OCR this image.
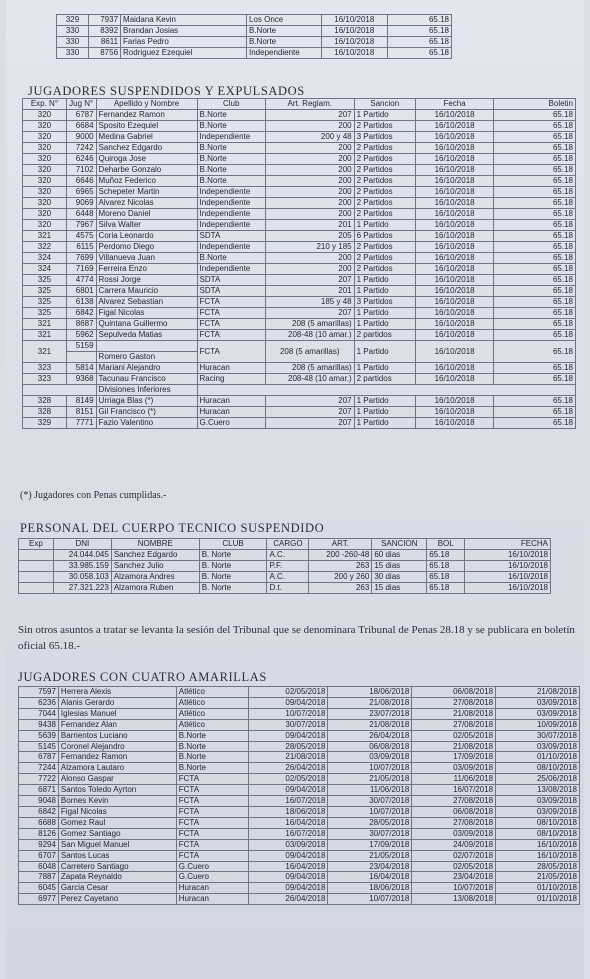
329	7937	Maidana Kevin	Los Once	16/10/2018	65.18
330	8392	Brandan Josias	B.Norte	16/10/2018	65.18
330	8611	Farias Pedro	B.Norte	16/10/2018	65.18
330	8756	Rodriguez Ezequiel	Independiente	16/10/2018	65.18
JUGADORES SUSPENDIDOS Y EXPULSADOS
Exp. N°	Jug N°	Apellido y Nombre	Club	Art. Reglam.	Sancion	Fecha	Boletin
320	6787	Fernandez Ramon	B.Norte	207	1 Partido	16/10/2018	65.18
320	6684	Sposito Ezequiel	B.Norte	200	2 Partidos	16/10/2018	65.18
320	9000	Medina Gabriel	Independiente	200 y 48	3 Partidos	16/10/2018	65.18
320	7242	Sanchez Edgardo	B.Norte	200	2 Partidos	16/10/2018	65.18
320	6246	Quiroga Jose	B.Norte	200	2 Partidos	16/10/2018	65.18
320	7102	Deharbe Gonzalo	B.Norte	200	2 Partidos	16/10/2018	65.18
320	6646	Muñoz Federico	B.Norte	200	2 Partidos	16/10/2018	65.18
320	6965	Schepeter Martin	Independiente	200	2 Partidos	16/10/2018	65.18
320	9069	Alvarez Nicolas	Independiente	200	2 Partidos	16/10/2018	65.18
320	6448	Moreno Daniel	Independiente	200	2 Partidos	16/10/2018	65.18
320	7967	Silva Walter	Independiente	201	1 Partido	16/10/2018	65.18
321	4575	Coria Leonardo	SDTA	205	6 Partidos	16/10/2018	65.18
322	6115	Perdomo Diego	Independiente	210 y 185	2 Partidos	16/10/2018	65.18
324	7699	Villanueva Juan	B.Norte	200	2 Partidos	16/10/2018	65.18
324	7169	Ferreira Enzo	Independiente	200	2 Partidos	16/10/2018	65.18
325	4774	Rossi Jorge	SDTA	207	1 Partido	16/10/2018	65.18
325	6801	Carrera Mauricio	SDTA	201	1 Partido	16/10/2018	65.18
325	6138	Alvarez Sebastian	FCTA	185 y 48	3 Partidos	16/10/2018	65.18
325	6842	Figal Nicolas	FCTA	207	1 Partido	16/10/2018	65.18
321	8687	Quintana Guillermo	FCTA	208 (5 amarillas)	1 Partido	16/10/2018	65.18
321	5962	Sepulveda Matias	FCTA	208-48 (10 amar.)	2 partidos	16/10/2018	65.18
321	5159		FCTA	208 (5 amarillas)	1 Partido	16/10/2018	65.18
		Romero Gaston					
323	5814	Mariani Alejandro	Huracan	208 (5 amarillas)	1 Partido	16/10/2018	65.18
323	9368	Tacunau Francisco	Racing	208-48 (10 amar.)	2 partidos	16/10/2018	65.18
		Divisiones Inferiores					
328	8149	Urriaga Blas (*)	Huracan	207	1 Partido	16/10/2018	65.18
328	8151	Gil Francisco (*)	Huracan	207	1 Partido	16/10/2018	65.18
329	7771	Fazio Valentino	G.Cuero	207	1 Partido	16/10/2018	65.18
(*) Jugadores con Penas cumplidas.-
PERSONAL DEL CUERPO TECNICO SUSPENDIDO
Exp	DNI	NOMBRE	CLUB	CARGO	ART.	SANCION	BOL	FECHA
	24.044.045	Sanchez Edgardo	B. Norte	A.C.	200 -260-48	60 dias	65.18	16/10/2018
	33.985.159	Sanchez Julio	B. Norte	P.F.	263	15 dias	65.18	16/10/2018
	30.058.103	Alzamora Andres	B. Norte	A.C.	200 y 260	30 dias	65.18	16/10/2018
	27.321.223	Alzamora Ruben	B. Norte	D.t.	263	15 dias	65.18	16/10/2018
Sin otros asuntos a tratar se levanta la sesión del Tribunal que se denominara Tribunal de Penas 28.18 y se publicara en boletín oficial 65.18.-
JUGADORES CON CUATRO AMARILLAS
7597	Herrera Alexis	Atlético	02/05/2018	18/06/2018	06/08/2018	21/08/2018
6236	Alanis Gerardo	Atlético	09/04/2018	21/08/2018	27/08/2018	03/09/2018
7044	Iglesias Manuel	Atlético	10/07/2018	23/07/2018	21/08/2018	03/09/2018
9438	Fernandez Alan	Atlético	30/07/2018	21/08/2018	27/08/2018	10/09/2018
5639	Barrientos Luciano	B.Norte	09/04/2018	26/04/2018	02/05/2018	30/07/2018
5145	Coronel Alejandro	B.Norte	28/05/2018	06/08/2018	21/08/2018	03/09/2018
6787	Fernandez Ramon	B.Norte	21/08/2018	03/09/2018	17/09/2018	01/10/2018
7244	Alzamora Lautaro	B.Norte	26/04/2018	10/07/2018	03/09/2018	08/10/2018
7722	Alonso Gaspar	FCTA	02/05/2018	21/05/2018	11/06/2018	25/06/2018
6871	Santos Toledo Ayrton	FCTA	09/04/2018	11/06/2018	16/07/2018	13/08/2018
9048	Bornes Kevin	FCTA	16/07/2018	30/07/2018	27/08/2018	03/09/2018
6842	Figal Nicolas	FCTA	18/06/2018	10/07/2018	06/08/2018	03/09/2018
6688	Gomez Raul	FCTA	16/04/2018	28/05/2018	27/08/2018	08/10/2018
8126	Gomez Santiago	FCTA	16/07/2018	30/07/2018	03/09/2018	08/10/2018
9294	San Miguel Manuel	FCTA	03/09/2018	17/09/2018	24/09/2018	16/10/2018
6707	Santos Lucas	FCTA	09/04/2018	21/05/2018	02/07/2018	16/10/2018
6048	Carretero Santiago	G.Cuero	16/04/2018	23/04/2018	02/05/2018	28/05/2018
7887	Zapata Reynaldo	G.Cuero	09/04/2018	16/04/2018	23/04/2018	21/05/2018
6045	Garcia Cesar	Huracan	09/04/2018	18/06/2018	10/07/2018	01/10/2018
6977	Perez Cayetano	Huracan	26/04/2018	10/07/2018	13/08/2018	01/10/2018
